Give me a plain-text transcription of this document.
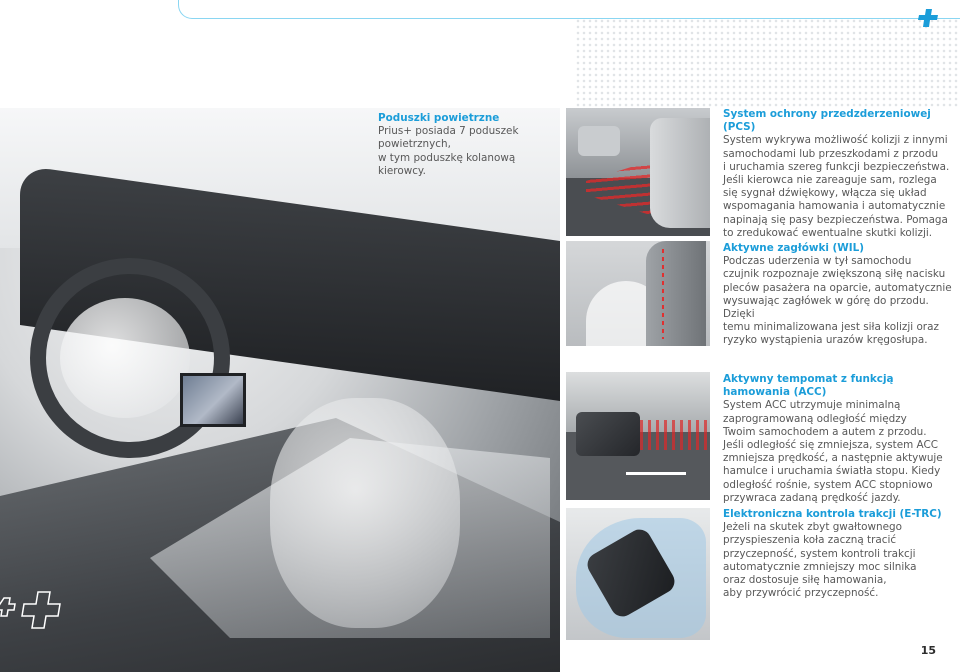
Poduszki powietrzne
Prius+ posiada 7 poduszek powietrznych,
w tym poduszkę kolanową kierowcy.
System ochrony przedzderzeniowej (PCS)
System wykrywa możliwość kolizji z innymi
samochodami lub przeszkodami z przodu
i uruchamia szereg funkcji bezpieczeństwa.
Jeśli kierowca nie zareaguje sam, rozlega
się sygnał dźwiękowy, włącza się układ
wspomagania hamowania i automatycznie
napinają się pasy bezpieczeństwa. Pomaga
to zredukować ewentualne skutki kolizji.
Aktywne zagłówki (WIL)
Podczas uderzenia w tył samochodu
czujnik rozpoznaje zwiększoną siłę nacisku
pleców pasażera na oparcie, automatycznie
wysuwając zagłówek w górę do przodu. Dzięki
temu minimalizowana jest siła kolizji oraz
ryzyko wystąpienia urazów kręgosłupa.
Aktywny tempomat z funkcją hamowania (ACC)
System ACC utrzymuje minimalną
zaprogramowaną odległość między
Twoim samochodem a autem z przodu.
Jeśli odległość się zmniejsza, system ACC
zmniejsza prędkość, a następnie aktywuje
hamulce i uruchamia światła stopu. Kiedy
odległość rośnie, system ACC stopniowo
przywraca zadaną prędkość jazdy.
Elektroniczna kontrola trakcji (E-TRC)
Jeżeli na skutek zbyt gwałtownego
przyspieszenia koła zaczną tracić
przyczepność, system kontroli trakcji
automatycznie zmniejszy moc silnika
oraz dostosuje siłę hamowania,
aby przywrócić przyczepność.
15
